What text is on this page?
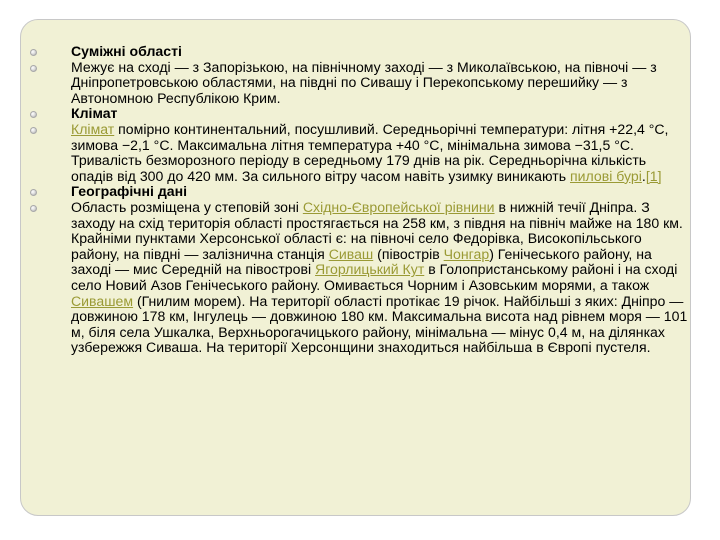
Суміжні області
Межує на сході — з Запорізькою, на північному заході — з Миколаївською, на півночі — з Дніпропетровською областями, на півдні по Сивашу і Перекопському перешийку — з Автономною Республікою Крим.
Клімат
Клімат помірно континентальний, посушливий. Середньорічні температури: літня +22,4 °C, зимова −2,1 °C. Максимальна літня температура +40 °C, мінімальна зимова −31,5 °C. Тривалість безморозного періоду в середньому 179 днів на рік. Середньорічна кількість опадів від 300 до 420 мм. За сильного вітру часом навіть узимку виникають пилові бурі.[1]
Географічні дані
Область розміщена у степовій зоні Східно-Європейської рівнини в нижній течії Дніпра. З заходу на схід територія області простягається на 258 км, з півдня на північ майже на 180 км. Крайніми пунктами Херсонської області є: на півночі село Федорівка, Високопільського району, на півдні — залізнична станція Сиваш (півострів Чонгар) Генічеського району, на заході — мис Середній на півострові Ягорлицький Кут в Голопристанському районі і на сході село Новий Азов Генічеського району. Омивається Чорним і Азовським морями, а також Сивашем (Гнилим морем). На території області протікає 19 річок. Найбільші з яких: Дніпро — довжиною 178 км, Інгулець — довжиною 180 км. Максимальна висота над рівнем моря — 101 м, біля села Ушкалка, Верхньорогачицького району, мінімальна — мінус 0,4 м, на ділянках узбережжя Сиваша. На території Херсонщини знаходиться найбільша в Європі пустеля.
